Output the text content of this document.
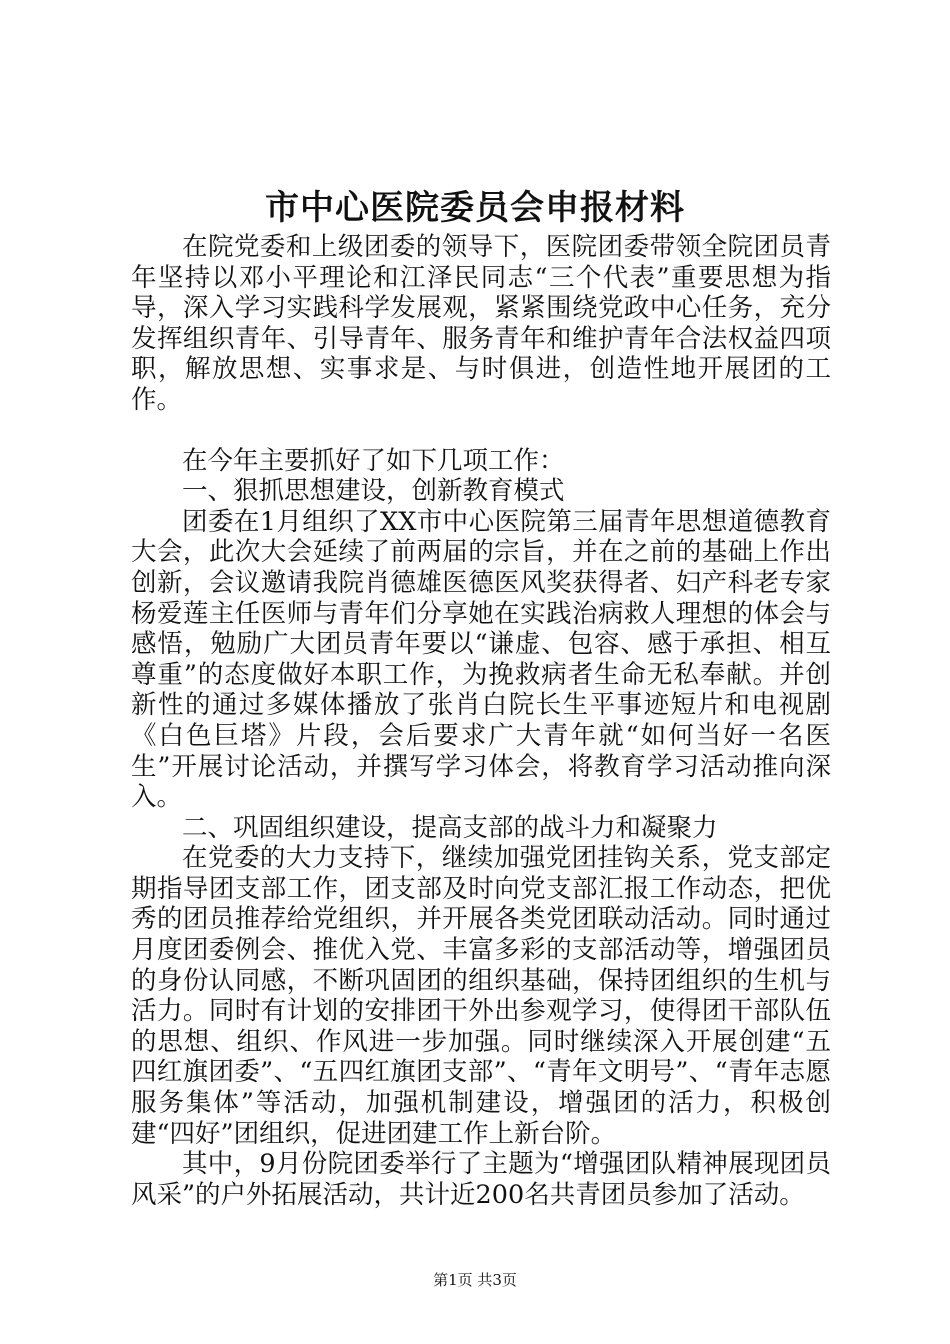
市中心医院委员会申报材料

在院党委和上级团委的领导下，医院团委带领全院团员青年坚持以邓小平理论和江泽民同志“三个代表”重要思想为指导，深入学习实践科学发展观，紧紧围绕党政中心任务，充分发挥组织青年、引导青年、服务青年和维护青年合法权益四项职，解放思想、实事求是、与时俱进，创造性地开展团的工作。

在今年主要抓好了如下几项工作：

一、狠抓思想建设，创新教育模式

团委在1月组织了XX市中心医院第三届青年思想道德教育大会，此次大会延续了前两届的宗旨，并在之前的基础上作出创新，会议邀请我院肖德雄医德医风奖获得者、妇产科老专家杨爱莲主任医师与青年们分享她在实践治病救人理想的体会与感悟，勉励广大团员青年要以“谦虚、包容、感于承担、相互尊重”的态度做好本职工作，为挽救病者生命无私奉献。并创新性的通过多媒体播放了张肖白院长生平事迹短片和电视剧《白色巨塔》片段，会后要求广大青年就“如何当好一名医生”开展讨论活动，并撰写学习体会，将教育学习活动推向深入。

二、巩固组织建设，提高支部的战斗力和凝聚力

在党委的大力支持下，继续加强党团挂钩关系，党支部定期指导团支部工作，团支部及时向党支部汇报工作动态，把优秀的团员推荐给党组织，并开展各类党团联动活动。同时通过月度团委例会、推优入党、丰富多彩的支部活动等，增强团员的身份认同感，不断巩固团的组织基础，保持团组织的生机与活力。同时有计划的安排团干外出参观学习，使得团干部队伍的思想、组织、作风进一步加强。同时继续深入开展创建“五四红旗团委”、“五四红旗团支部”、“青年文明号”、“青年志愿服务集体”等活动，加强机制建设，增强团的活力，积极创建“四好”团组织，促进团建工作上新台阶。

其中，9月份院团委举行了主题为“增强团队精神展现团员风采”的户外拓展活动，共计近200名共青团员参加了活动。

第1页 共3页
